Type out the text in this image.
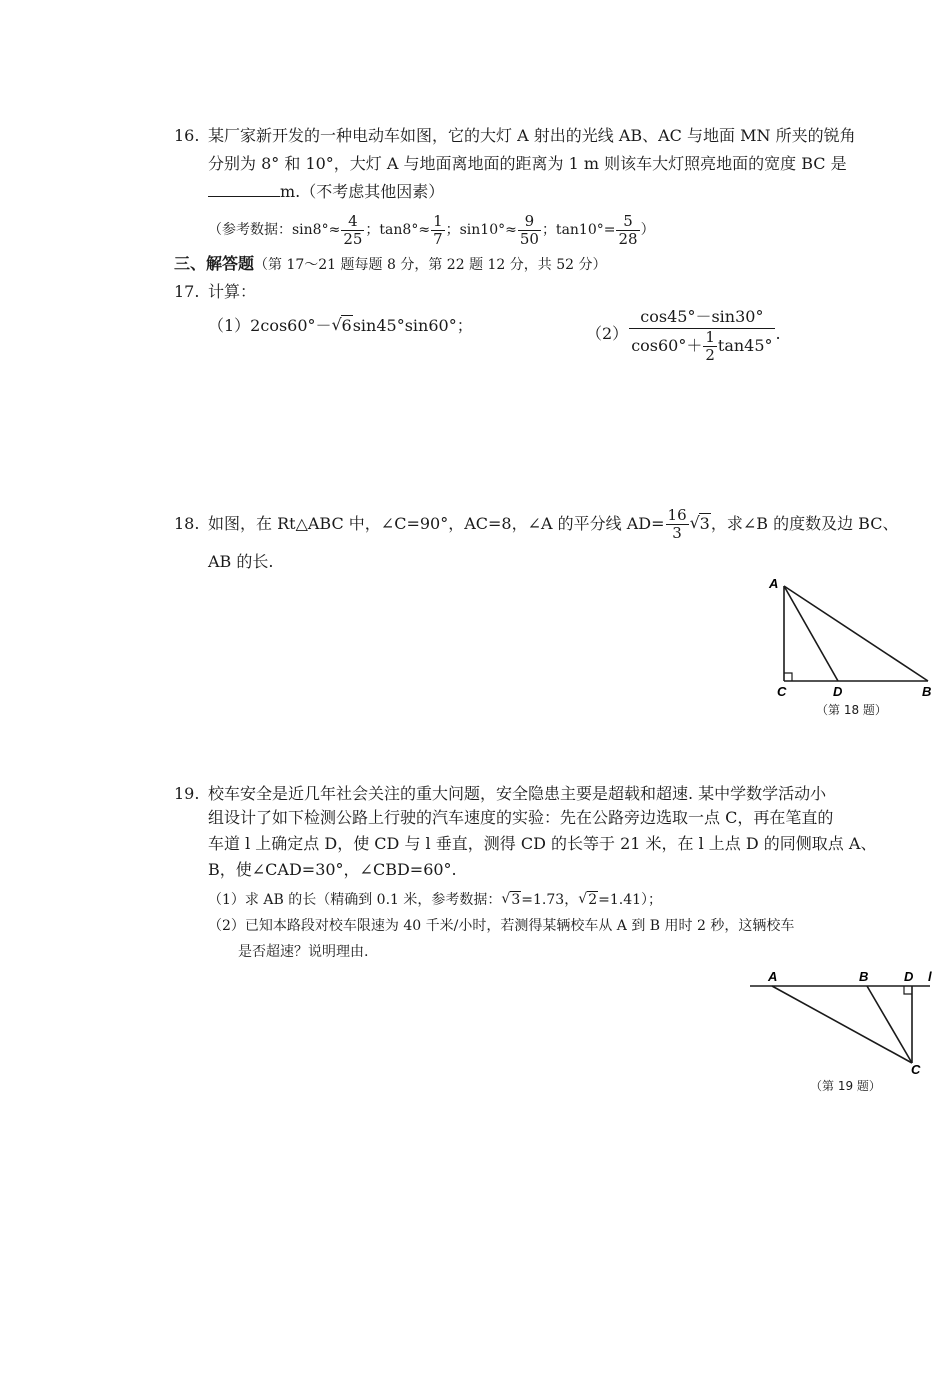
16. 某厂家新开发的一种电动车如图，它的大灯 A 射出的光线 AB、AC 与地面 MN 所夹的锐角
分别为 8° 和 10°，大灯 A 与地面离地面的距离为 1 m 则该车大灯照亮地面的宽度 BC 是
m.（不考虑其他因素）
（参考数据：$\sin 8^\circ\approx \frac{4}{25}$ ；$\tan 8^\circ\approx \frac{1}{7}$ ；$\sin 10^\circ\approx \frac{9}{50}$ ；$\tan 10^\circ= \frac{5}{28}$ ）
三、解答题（第 17～21 题每题 8 分，第 22 题 12 分，共 52 分）
17. 计算：
（1）2cos60°－ √ 6sin45°sin60°；	$(2) \frac{\cos 45^\circ-\sin 30^\circ}{\cos 60^\circ+ \frac{1}{2} \tan 45^\circ}$ .
18. 如图，在 Rt△ABC 中，∠C=90°，AC=8，∠A 的平分线 $AD= \frac{16}{3}$ √ 3，求∠B 的度数及边 BC、
AB 的长.
A
C	D	B
（第 18 题）
19. 校车安全是近几年社会关注的重大问题，安全隐患主要是超载和超速. 某中学数学活动小
组设计了如下检测公路上行驶的汽车速度的实验：先在公路旁边选取一点 C，再在笔直的
车道 l 上确定点 D，使 CD 与 l 垂直，测得 CD 的长等于 21 米，在 l 上点 D 的同侧取点 A、
B，使∠CAD=30°，∠CBD=60°.
（1）求 AB 的长（精确到 0.1 米，参考数据： √ 3=1.73， √ 2=1.41）；
（2）已知本路段对校车限速为 40 千米/小时，若测得某辆校车从 A 到 B 用时 2 秒，这辆校车
是否超速？说明理由.
A	B	D l
C
（第 19 题）
